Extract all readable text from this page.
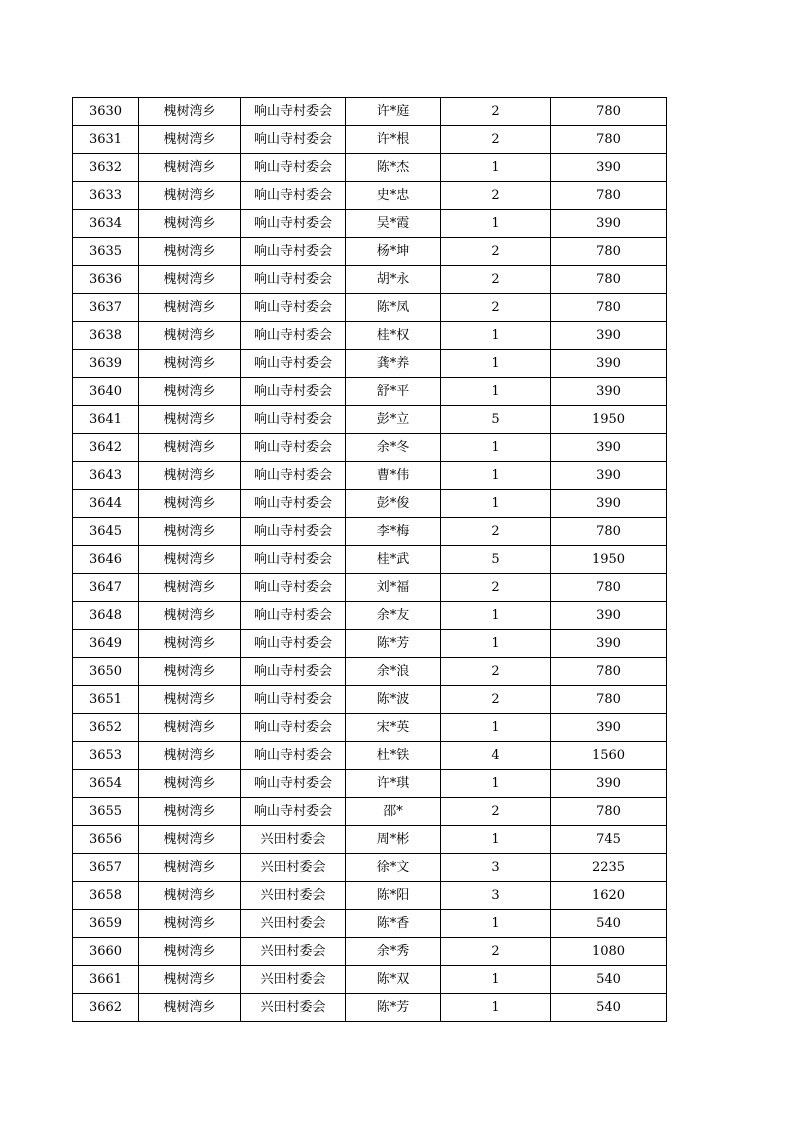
3630	槐树湾乡	响山寺村委会	许*庭	2	780
3631	槐树湾乡	响山寺村委会	许*根	2	780
3632	槐树湾乡	响山寺村委会	陈*杰	1	390
3633	槐树湾乡	响山寺村委会	史*忠	2	780
3634	槐树湾乡	响山寺村委会	吴*霞	1	390
3635	槐树湾乡	响山寺村委会	杨*坤	2	780
3636	槐树湾乡	响山寺村委会	胡*永	2	780
3637	槐树湾乡	响山寺村委会	陈*凤	2	780
3638	槐树湾乡	响山寺村委会	桂*权	1	390
3639	槐树湾乡	响山寺村委会	龚*养	1	390
3640	槐树湾乡	响山寺村委会	舒*平	1	390
3641	槐树湾乡	响山寺村委会	彭*立	5	1950
3642	槐树湾乡	响山寺村委会	余*冬	1	390
3643	槐树湾乡	响山寺村委会	曹*伟	1	390
3644	槐树湾乡	响山寺村委会	彭*俊	1	390
3645	槐树湾乡	响山寺村委会	李*梅	2	780
3646	槐树湾乡	响山寺村委会	桂*武	5	1950
3647	槐树湾乡	响山寺村委会	刘*福	2	780
3648	槐树湾乡	响山寺村委会	余*友	1	390
3649	槐树湾乡	响山寺村委会	陈*芳	1	390
3650	槐树湾乡	响山寺村委会	余*浪	2	780
3651	槐树湾乡	响山寺村委会	陈*波	2	780
3652	槐树湾乡	响山寺村委会	宋*英	1	390
3653	槐树湾乡	响山寺村委会	杜*铁	4	1560
3654	槐树湾乡	响山寺村委会	许*琪	1	390
3655	槐树湾乡	响山寺村委会	邵*	2	780
3656	槐树湾乡	兴田村委会	周*彬	1	745
3657	槐树湾乡	兴田村委会	徐*文	3	2235
3658	槐树湾乡	兴田村委会	陈*阳	3	1620
3659	槐树湾乡	兴田村委会	陈*香	1	540
3660	槐树湾乡	兴田村委会	余*秀	2	1080
3661	槐树湾乡	兴田村委会	陈*双	1	540
3662	槐树湾乡	兴田村委会	陈*芳	1	540
